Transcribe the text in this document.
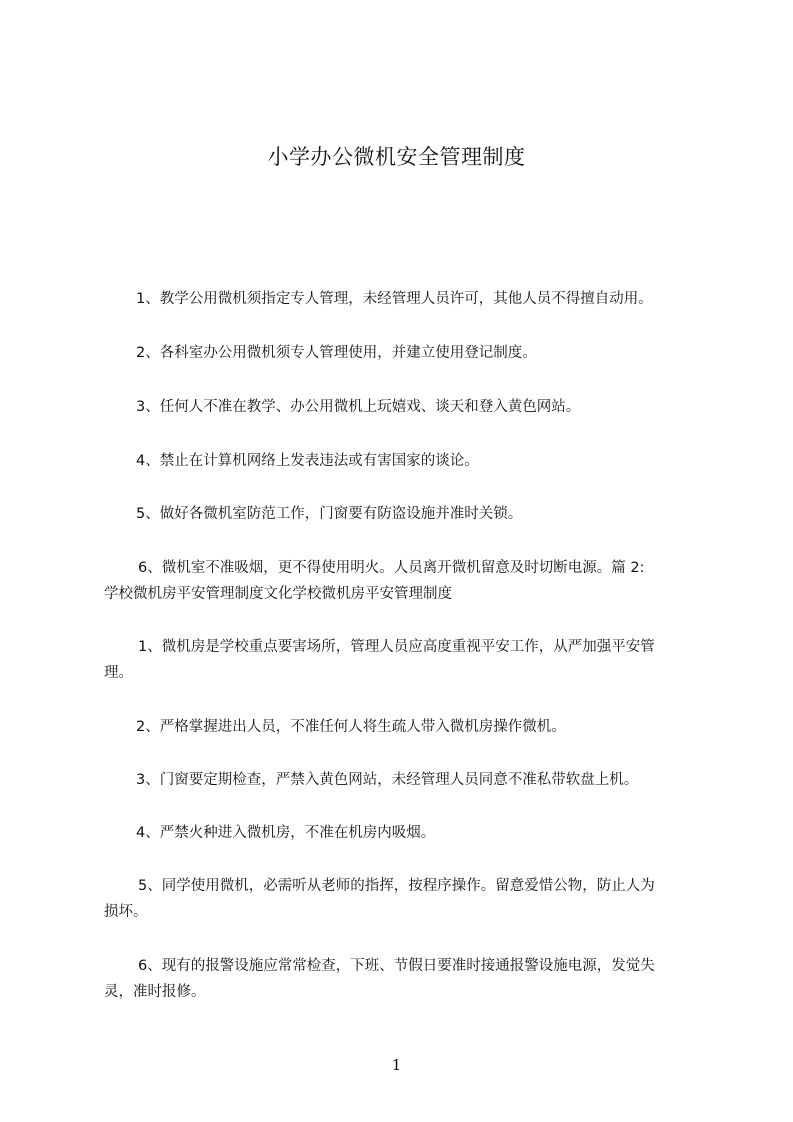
小学办公微机安全管理制度
1、教学公用微机须指定专人管理，未经管理人员许可，其他人员不得擅自动用。
2、各科室办公用微机须专人管理使用，并建立使用登记制度。
3、任何人不准在教学、办公用微机上玩嬉戏、谈天和登入黄色网站。
4、禁止在计算机网络上发表违法或有害国家的谈论。
5、做好各微机室防范工作，门窗要有防盗设施并准时关锁。
6、微机室不准吸烟，更不得使用明火。人员离开微机留意及时切断电源。篇 2:
学校微机房平安管理制度文化学校微机房平安管理制度
1、微机房是学校重点要害场所，管理人员应高度重视平安工作，从严加强平安管
理。
2、严格掌握进出人员，不准任何人将生疏人带入微机房操作微机。
3、门窗要定期检查，严禁入黄色网站，未经管理人员同意不准私带软盘上机。
4、严禁火种进入微机房，不准在机房内吸烟。
5、同学使用微机，必需听从老师的指挥，按程序操作。留意爱惜公物，防止人为
损坏。
6、现有的报警设施应常常检查，下班、节假日要准时接通报警设施电源，发觉失
灵，准时报修。
1
